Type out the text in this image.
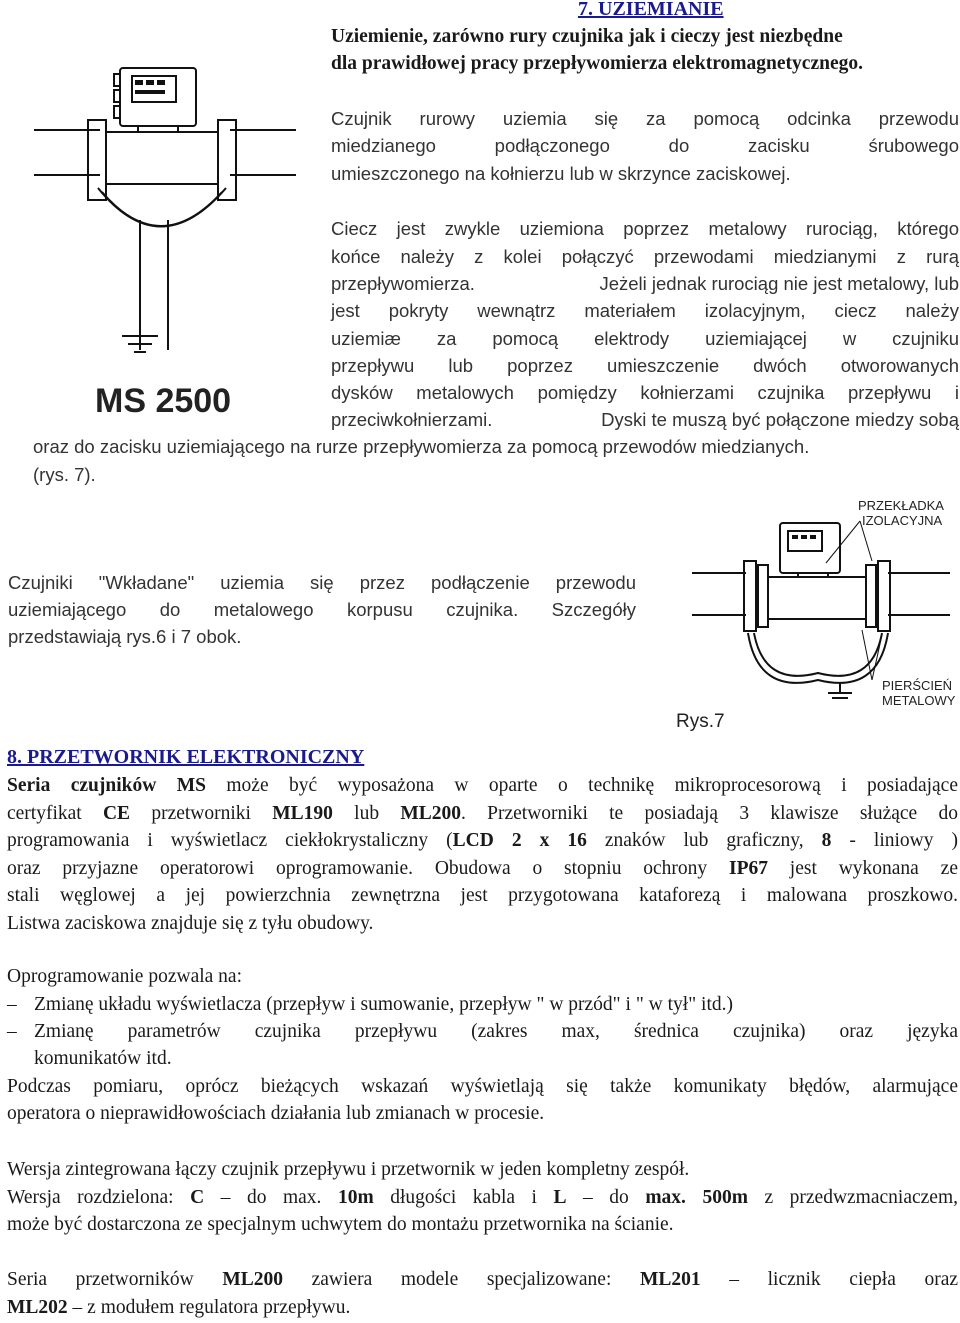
7. UZIEMIANIE
Uziemienie, zarówno rury czujnika jak i cieczy jest niezbędne
dla prawidłowej pracy przepływomierza elektromagnetycznego.
Czujnik rurowy uziemia się za pomocą odcinka przewodu
miedzianego podłączonego do zacisku śrubowego
umieszczonego na kołnierzu lub w skrzynce zaciskowej.
Ciecz jest zwykle uziemiona poprzez metalowy rurociąg, którego
końce należy z kolei połączyć przewodami miedzianymi z rurą
przepływomierza.	Jeżeli jednak rurociąg nie jest metalowy, lub
jest pokryty wewnątrz materiałem izolacyjnym, ciecz należy
uziemiæ za pomocą elektrody uziemiającej w czujniku
przepływu lub poprzez umieszczenie dwóch otworowanych
dysków metalowych pomiędzy kołnierzami czujnika przepływu i
przeciwkołnierzami.	Dyski te muszą być połączone miedzy sobą
oraz do zacisku uziemiającego na rurze przepływomierza za pomocą przewodów miedzianych.
(rys. 7).
Czujniki "Wkładane" uziemia się przez podłączenie przewodu
uziemiającego do metalowego korpusu czujnika. Szczegóły
przedstawiają rys.6 i 7 obok.
MS 2500
PRZEKŁADKA
IZOLACYJNA
PIERŚCIEŃ
METALOWY
Rys.7
8. PRZETWORNIK ELEKTRONICZNY
Seria czujników MS może być wyposażona w oparte o technikę mikroprocesorową i posiadające
certyfikat CE przetworniki ML190 lub ML200. Przetworniki te posiadają 3 klawisze służące do
programowania i wyświetlacz ciekłokrystaliczny (LCD 2 x 16 znaków lub graficzny, 8 - liniowy )
oraz przyjazne operatorowi oprogramowanie. Obudowa o stopniu ochrony IP67 jest wykonana ze
stali węglowej a jej powierzchnia zewnętrzna jest przygotowana kataforezą i malowana proszkowo.
Listwa zaciskowa znajduje się z tyłu obudowy.
Oprogramowanie pozwala na:
– Zmianę układu wyświetlacza (przepływ i sumowanie, przepływ " w przód" i " w tył" itd.)
– Zmianę parametrów czujnika przepływu (zakres max, średnica czujnika) oraz języka
komunikatów itd.
Podczas pomiaru, oprócz bieżących wskazań wyświetlają się także komunikaty błędów, alarmujące
operatora o nieprawidłowościach działania lub zmianach w procesie.
Wersja zintegrowana łączy czujnik przepływu i przetwornik w jeden kompletny zespół.
Wersja rozdzielona: C – do max. 10m długości kabla i L – do max. 500m z przedwzmacniaczem,
może być dostarczona ze specjalnym uchwytem do montażu przetwornika na ścianie.
Seria przetworników ML200 zawiera modele specjalizowane: ML201 – licznik ciepła oraz
ML202 – z modułem regulatora przepływu.
